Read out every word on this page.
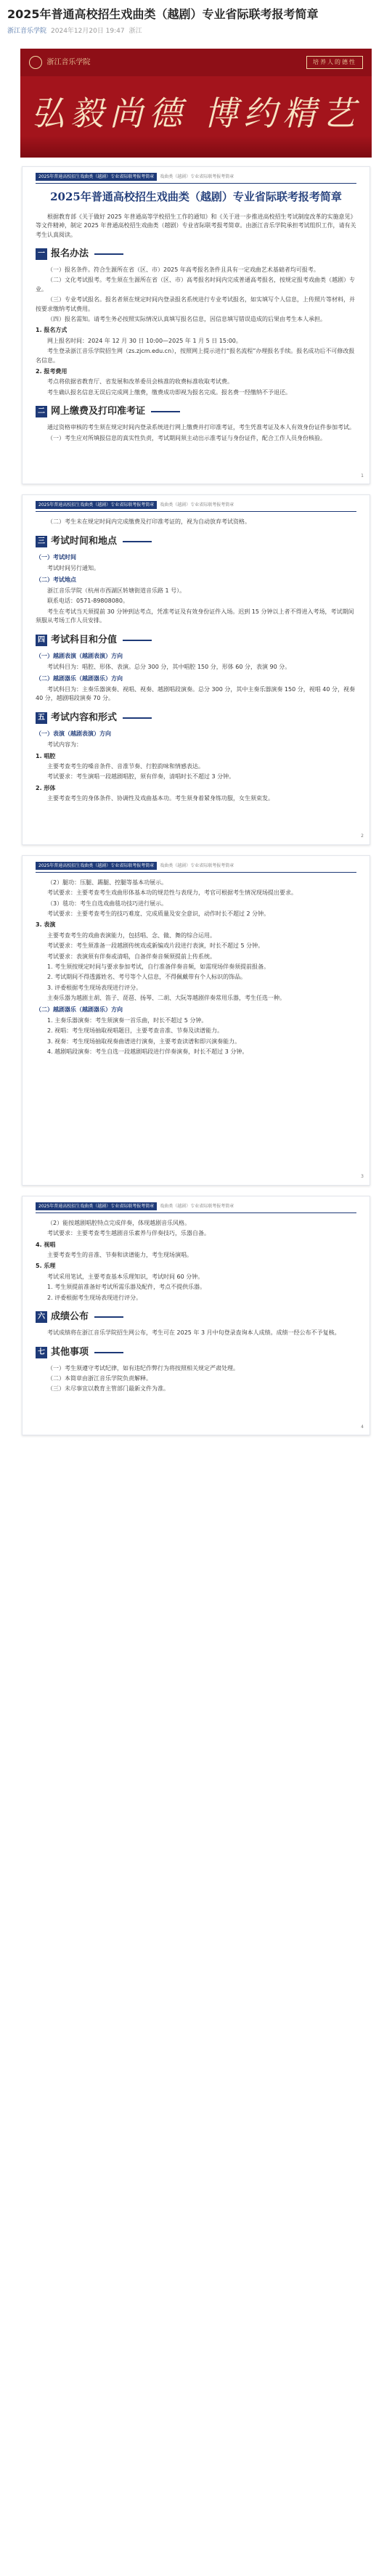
2025年普通高校招生戏曲类（越剧）专业省际联考报考简章
浙江音乐学院 2024年12月20日 19:47 浙江
浙江音乐学院	培养人的德性
弘毅尚德 博约精艺
2025年普通高校招生戏曲类（越剧）专业省际联考报考简章	戏曲类（越剧）专业省际联考报考简章
2025年普通高校招生戏曲类（越剧）专业省际联考报考简章

根据教育部《关于做好 2025 年普通高等学校招生工作的通知》和《关于进一步推进高校招生考试制度改革的实施意见》等文件精神，制定 2025 年普通高校招生戏曲类（越剧）专业省际联考报考简章。由浙江音乐学院承担考试组织工作，请有关考生认真阅读。

一 报名办法

（一）报名条件。符合生源所在省（区、市）2025 年高考报名条件且具有一定戏曲艺术基础者均可报考。

（二）文化考试报考。考生须在生源所在省（区、市）高考报名时间内完成普通高考报名，按规定报考戏曲类（越剧）专业。

（三）专业考试报名。报名者须在规定时间内登录报名系统进行专业考试报名，如实填写个人信息，上传照片等材料，并按要求缴纳考试费用。

（四）报名需知。请考生务必按照实际情况认真填写报名信息，因信息填写错误造成的后果由考生本人承担。

1. 报名方式

网上报名时间：2024 年 12 月 30 日 10:00—2025 年 1 月 5 日 15:00。

考生登录浙江音乐学院招生网（zs.zjcm.edu.cn），按照网上提示进行“报名流程”办理报名手续。报名成功后不可修改报名信息。

2. 报考费用

考点将依据省教育厅、省发展和改革委员会核准的收费标准收取考试费。

考生确认报名信息无误后完成网上缴费，缴费成功即视为报名完成。报名费一经缴纳不予退还。

二 网上缴费及打印准考证

通过资格审核的考生须在规定时间内登录系统进行网上缴费并打印准考证，考生凭准考证及本人有效身份证件参加考试。

（一）考生应对所填报信息的真实性负责，考试期间须主动出示准考证与身份证件，配合工作人员身份核验。

1
2025年普通高校招生戏曲类（越剧）专业省际联考报考简章	戏曲类（越剧）专业省际联考报考简章

（二）考生未在规定时间内完成缴费及打印准考证的，视为自动放弃考试资格。

三 考试时间和地点
（一）考试时间

考试时间另行通知。

（二）考试地点

浙江音乐学院（杭州市西湖区转塘街道音乐路 1 号）。

联系电话：0571-89808080。

考生在考试当天须提前 30 分钟到达考点，凭准考证及有效身份证件入场。迟到 15 分钟以上者不得进入考场，考试期间须服从考场工作人员安排。

四 考试科目和分值
（一）越剧表演（越剧表演）方向

考试科目为：唱腔、形体、表演。总分 300 分，其中唱腔 150 分，形体 60 分，表演 90 分。

（二）越剧器乐（越剧器乐）方向

考试科目为：主奏乐器演奏、视唱、视奏、越剧唱段演奏。总分 300 分，其中主奏乐器演奏 150 分，视唱 40 分，视奏 40 分，越剧唱段演奏 70 分。

五 考试内容和形式
（一）表演（越剧表演）方向

考试内容为：

1. 唱腔

主要考查考生的嗓音条件、音准节奏、行腔韵味和情感表达。

考试要求：考生演唱一段越剧唱腔，须有伴奏，清唱时长不超过 3 分钟。

2. 形体

主要考查考生的身体条件、协调性及戏曲基本功。考生须身着紧身练功服，女生须束发。

2
2025年普通高校招生戏曲类（越剧）专业省际联考报考简章	戏曲类（越剧）专业省际联考报考简章

（2）腿功：压腿、踢腿、控腿等基本功展示。

考试要求：主要考查考生戏曲形体基本功的规范性与表现力，考官可根据考生情况现场提出要求。

（3）毯功：考生自选戏曲毯功技巧进行展示。

考试要求：主要考查考生的技巧难度、完成质量及安全意识，动作时长不超过 2 分钟。

3. 表演

主要考查考生的戏曲表演能力，包括唱、念、做、舞的综合运用。

考试要求：考生须准备一段越剧传统戏或新编戏片段进行表演，时长不超过 5 分钟。

考试要求：表演须有伴奏或清唱，自备伴奏音频须提前上传系统。

1. 考生须按规定时间与要求参加考试，自行准备伴奏音频，如需现场伴奏须提前报备。

2. 考试期间不得透露姓名、考号等个人信息，不得佩戴带有个人标识的饰品。

3. 评委根据考生现场表现进行评分。

主奏乐器为越剧主胡、笛子、琵琶、扬琴、二胡、大阮等越剧伴奏常用乐器，考生任选一种。

（二）越剧器乐（越剧器乐）方向

1. 主奏乐器演奏：考生须演奏一首乐曲，时长不超过 5 分钟。

2. 视唱：考生现场抽取视唱题目，主要考查音准、节奏及读谱能力。

3. 视奏：考生现场抽取视奏曲谱进行演奏，主要考查读谱和即兴演奏能力。

4. 越剧唱段演奏：考生自选一段越剧唱段进行伴奏演奏，时长不超过 3 分钟。

3
2025年普通高校招生戏曲类（越剧）专业省际联考报考简章	戏曲类（越剧）专业省际联考报考简章

（2）能按越剧唱腔特点完成伴奏，体现越剧音乐风格。

考试要求：主要考查考生越剧音乐素养与伴奏技巧，乐器自备。

4. 视唱

主要考查考生的音准、节奏和读谱能力，考生现场演唱。

5. 乐理

考试采用笔试，主要考查基本乐理知识，考试时间 60 分钟。

1. 考生须提前准备好考试所需乐器及配件，考点不提供乐器。

2. 评委根据考生现场表现进行评分。

六 成绩公布

考试成绩将在浙江音乐学院招生网公布，考生可在 2025 年 3 月中旬登录查询本人成绩。成绩一经公布不予复核。

七 其他事项

（一）考生须遵守考试纪律，如有违纪作弊行为将按照相关规定严肃处理。

（二）本简章由浙江音乐学院负责解释。

（三）未尽事宜以教育主管部门最新文件为准。

4
